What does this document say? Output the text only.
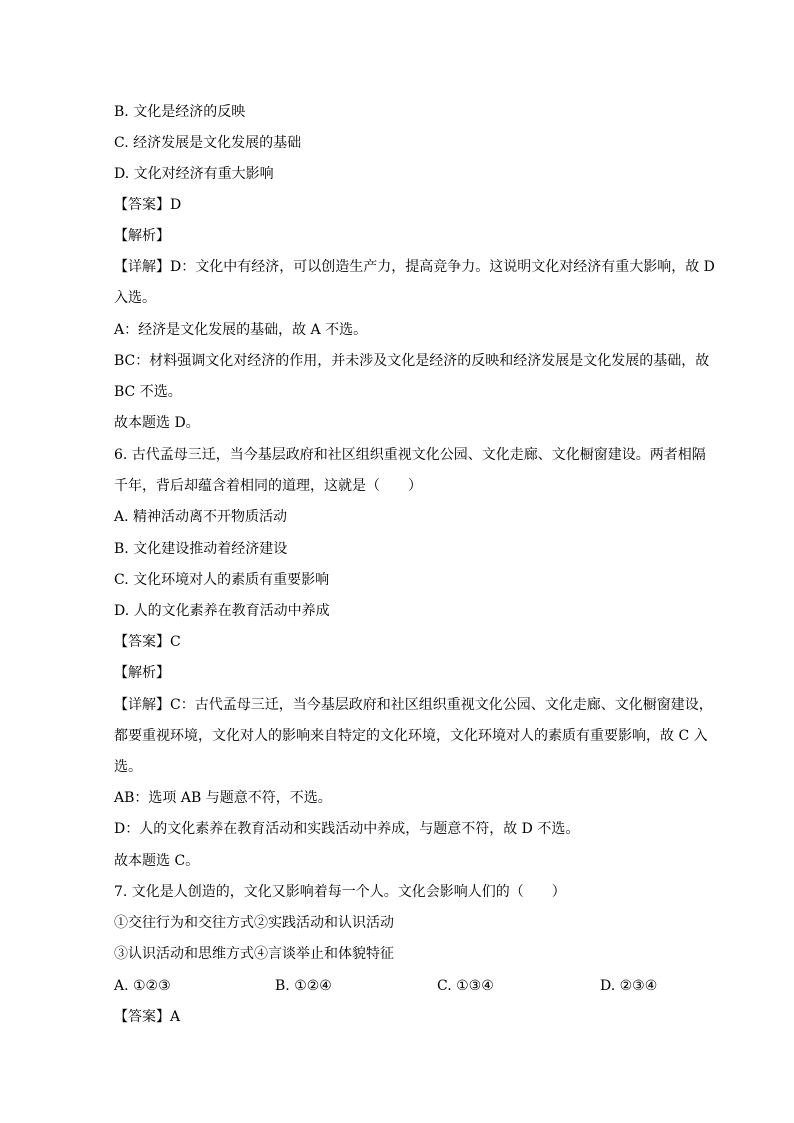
B. 文化是经济的反映
C. 经济发展是文化发展的基础
D. 文化对经济有重大影响
【答案】D
【解析】
【详解】D：文化中有经济，可以创造生产力，提高竞争力。这说明文化对经济有重大影响，故 D
入选。
A：经济是文化发展的基础，故 A 不选。
BC：材料强调文化对经济的作用，并未涉及文化是经济的反映和经济发展是文化发展的基础，故
BC 不选。
故本题选 D。
6. 古代孟母三迁，当今基层政府和社区组织重视文化公园、文化走廊、文化橱窗建设。两者相隔
千年，背后却蕴含着相同的道理，这就是（　　）
A. 精神活动离不开物质活动
B. 文化建设推动着经济建设
C. 文化环境对人的素质有重要影响
D. 人的文化素养在教育活动中养成
【答案】C
【解析】
【详解】C：古代孟母三迁，当今基层政府和社区组织重视文化公园、文化走廊、文化橱窗建设，
都要重视环境，文化对人的影响来自特定的文化环境，文化环境对人的素质有重要影响，故 C 入
选。
AB：选项 AB 与题意不符，不选。
D：人的文化素养在教育活动和实践活动中养成，与题意不符，故 D 不选。
故本题选 C。
7. 文化是人创造的，文化又影响着每一个人。文化会影响人们的（　　）
①交往行为和交往方式②实践活动和认识活动
③认识活动和思维方式④言谈举止和体貌特征
A. ①②③	B. ①②④	C. ①③④	D. ②③④
【答案】A
